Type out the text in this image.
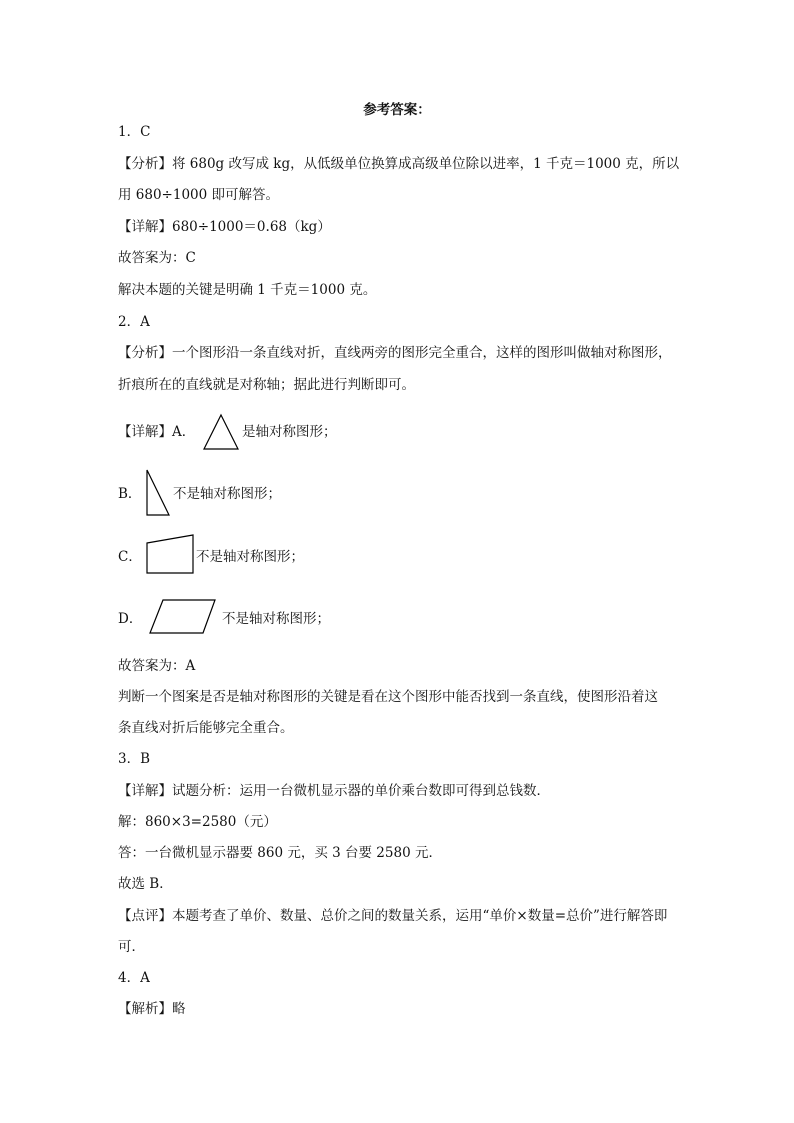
参考答案：
1．C
【分析】将 680g 改写成 kg，从低级单位换算成高级单位除以进率，1 千克＝1000 克，所以
用 680÷1000 即可解答。
【详解】680÷1000＝0.68（kg）
故答案为：C
解决本题的关键是明确 1 千克＝1000 克。
2．A
【分析】一个图形沿一条直线对折，直线两旁的图形完全重合，这样的图形叫做轴对称图形，
折痕所在的直线就是对称轴；据此进行判断即可。
【详解】A．	是轴对称图形；
B． 不是轴对称图形；
C．	不是轴对称图形；
D．	不是轴对称图形；
故答案为：A
判断一个图案是否是轴对称图形的关键是看在这个图形中能否找到一条直线，使图形沿着这
条直线对折后能够完全重合。
3．B
【详解】试题分析：运用一台微机显示器的单价乘台数即可得到总钱数．
解：860×3=2580（元）
答：一台微机显示器要 860 元，买 3 台要 2580 元．
故选 B．
【点评】本题考查了单价、数量、总价之间的数量关系，运用“单价×数量=总价”进行解答即
可．
4．A
【解析】略
